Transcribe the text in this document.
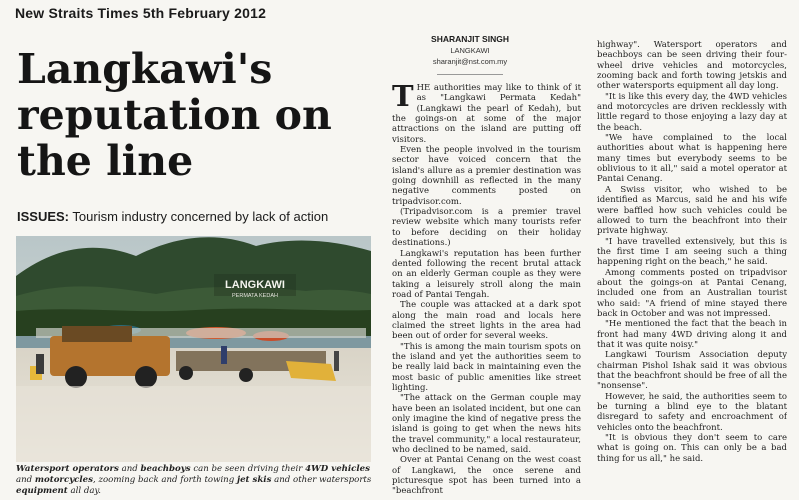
New Straits Times 5th February 2012
Langkawi's reputation on the line
ISSUES: Tourism industry concerned by lack of action
LANGKAWI
PERMATA KEDAH
Watersport operators and beachboys can be seen driving their 4WD vehicles and motorcycles, zooming back and forth towing jet skis and other watersports equipment all day.
SHARANJIT SINGH
LANGKAWI
sharanjit@nst.com.my

THE authorities may like to think of it as "Langkawi Permata Kedah" (Langkawi the pearl of Kedah), but the goings-on at some of the major attractions on the island are putting off visitors.

Even the people involved in the tourism sector have voiced concern that the island's allure as a premier destination was going downhill as reflected in the many negative comments posted on tripadvisor.com.

(Tripadvisor.com is a premier travel review website which many tourists refer to before deciding on their holiday destinations.)

Langkawi's reputation has been further dented following the recent brutal attack on an elderly German couple as they were taking a leisurely stroll along the main road of Pantai Tengah.

The couple was attacked at a dark spot along the main road and locals here claimed the street lights in the area had been out of order for several weeks.

"This is among the main tourism spots on the island and yet the authorities seem to be really laid back in maintaining even the most basic of public amenities like street lighting.

"The attack on the German couple may have been an isolated incident, but one can only imagine the kind of negative press the island is going to get when the news hits the travel community," a local restaurateur, who declined to be named, said.

Over at Pantai Cenang on the west coast of Langkawi, the once serene and picturesque spot has been turned into a "beachfront

highway". Watersport operators and beachboys can be seen driving their four-wheel drive vehicles and motorcycles, zooming back and forth towing jetskis and other watersports equipment all day long.

"It is like this every day, the 4WD vehicles and motorcycles are driven recklessly with little regard to those enjoying a lazy day at the beach.

"We have complained to the local authorities about what is happening here many times but everybody seems to be oblivious to it all," said a motel operator at Pantai Cenang.

A Swiss visitor, who wished to be identified as Marcus, said he and his wife were baffled how such vehicles could be allowed to turn the beachfront into their private highway.

"I have travelled extensively, but this is the first time I am seeing such a thing happening right on the beach," he said.

Among comments posted on tripadvisor about the goings-on at Pantai Cenang, included one from an Australian tourist who said: "A friend of mine stayed there back in October and was not impressed.

"He mentioned the fact that the beach in front had many 4WD driving along it and that it was quite noisy."

Langkawi Tourism Association deputy chairman Pishol Ishak said it was obvious that the beachfront should be free of all the "nonsense".

However, he said, the authorities seem to be turning a blind eye to the blatant disregard to safety and encroachment of vehicles onto the beachfront.

"It is obvious they don't seem to care what is going on. This can only be a bad thing for us all," he said.
